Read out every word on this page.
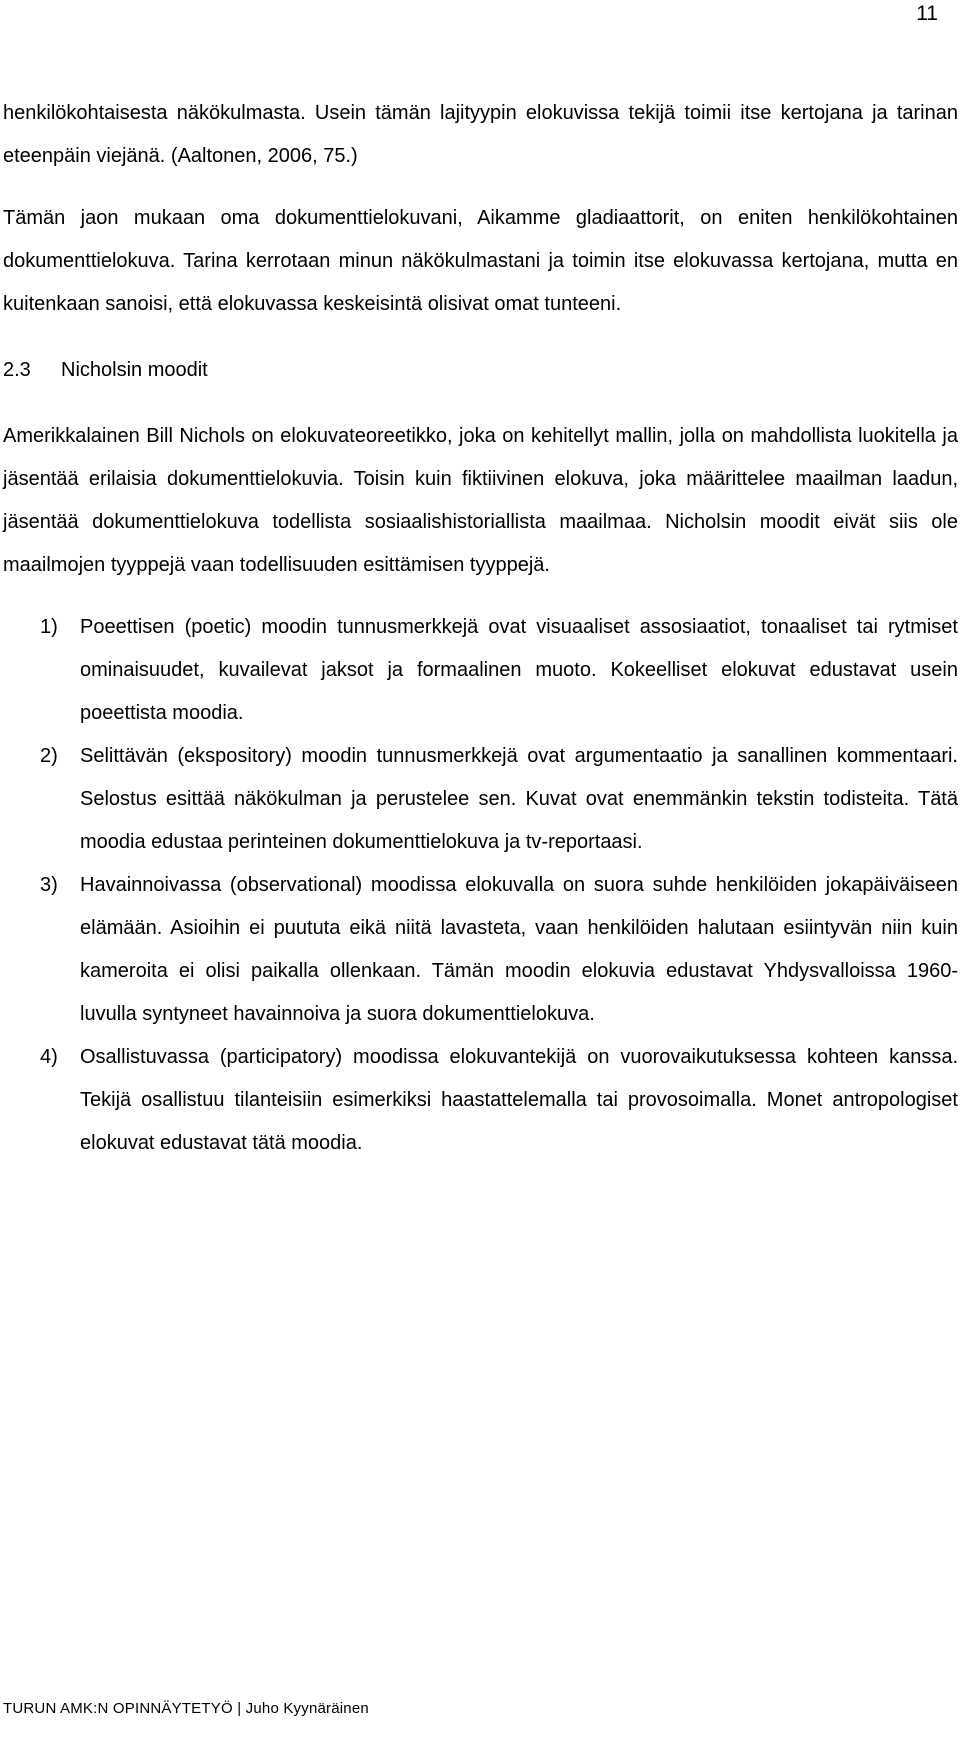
11

henkilökohtaisesta näkökulmasta. Usein tämän lajityypin elokuvissa tekijä toimii itse kertojana ja tarinan eteenpäin viejänä. (Aaltonen, 2006, 75.)

Tämän jaon mukaan oma dokumenttielokuvani, Aikamme gladiaattorit, on eniten henkilökohtainen dokumenttielokuva. Tarina kerrotaan minun näkökulmastani ja toimin itse elokuvassa kertojana, mutta en kuitenkaan sanoisi, että elokuvassa keskeisintä olisivat omat tunteeni.

2.3	Nicholsin moodit

Amerikkalainen Bill Nichols on elokuvateoreetikko, joka on kehitellyt mallin, jolla on mahdollista luokitella ja jäsentää erilaisia dokumenttielokuvia. Toisin kuin fiktiivinen elokuva, joka määrittelee maailman laadun, jäsentää dokumenttielokuva todellista sosiaalishistoriallista maailmaa. Nicholsin moodit eivät siis ole maailmojen tyyppejä vaan todellisuuden esittämisen tyyppejä.

1)	Poeettisen (poetic) moodin tunnusmerkkejä ovat visuaaliset assosiaatiot, tonaaliset tai rytmiset ominaisuudet, kuvailevat jaksot ja formaalinen muoto. Kokeelliset elokuvat edustavat usein poeettista moodia.
2)	Selittävän (ekspository) moodin tunnusmerkkejä ovat argumentaatio ja sanallinen kommentaari. Selostus esittää näkökulman ja perustelee sen. Kuvat ovat enemmänkin tekstin todisteita. Tätä moodia edustaa perinteinen dokumenttielokuva ja tv-reportaasi.
3)	Havainnoivassa (observational) moodissa elokuvalla on suora suhde henkilöiden jokapäiväiseen elämään. Asioihin ei puututa eikä niitä lavasteta, vaan henkilöiden halutaan esiintyvän niin kuin kameroita ei olisi paikalla ollenkaan. Tämän moodin elokuvia edustavat Yhdysvalloissa 1960-luvulla syntyneet havainnoiva ja suora dokumenttielokuva.
4)	Osallistuvassa (participatory) moodissa elokuvantekijä on vuorovaikutuksessa kohteen kanssa. Tekijä osallistuu tilanteisiin esimerkiksi haastattelemalla tai provosoimalla. Monet antropologiset elokuvat edustavat tätä moodia.
TURUN AMK:N OPINNÄYTETYÖ | Juho Kyynäräinen
